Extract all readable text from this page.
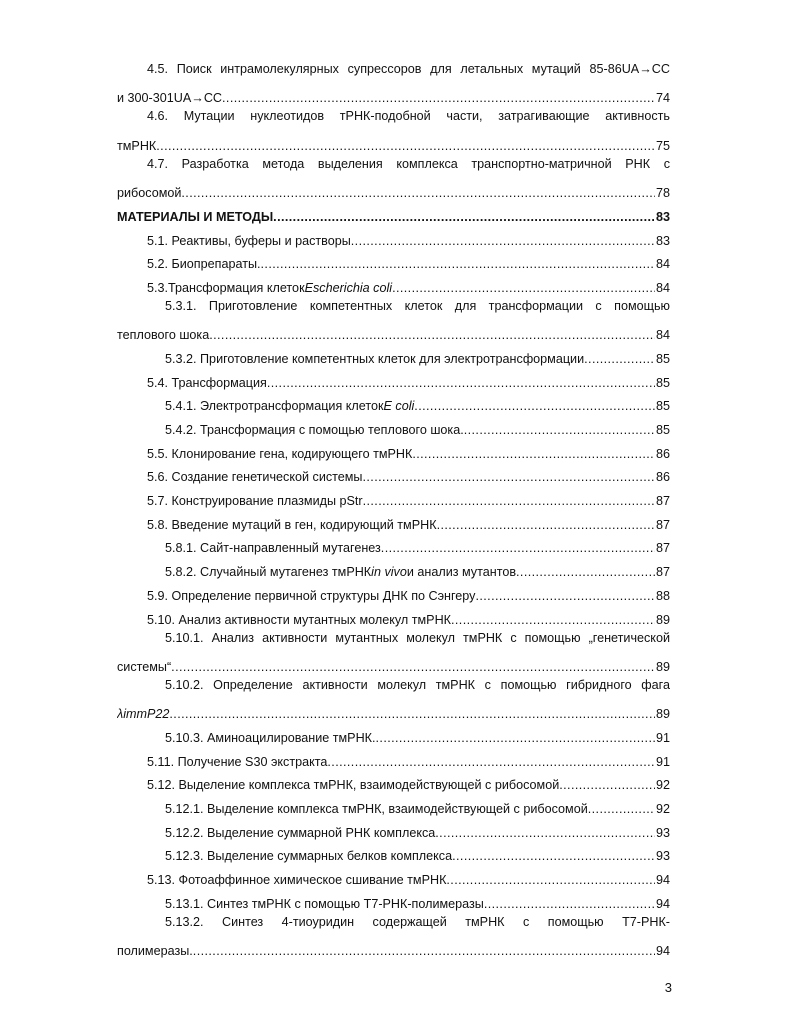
4.5. Поиск интрамолекулярных супрессоров для летальных мутаций 85-86UA→CC
и 300-301UA→CC .....	74
4.6. Мутации нуклеотидов тРНК-подобной части, затрагивающие активность
тмРНК .....	75
4.7. Разработка метода выделения комплекса транспортно-матричной РНК с
рибосомой .....	78
МАТЕРИАЛЫ И МЕТОДЫ .....	83
5.1. Реактивы, буферы и растворы .....	83
5.2. Биопрепараты. .....	84
5.3.Трансформация клеток Escherichia coli .....	84
5.3.1. Приготовление компетентных клеток для трансформации с помощью
теплового шока .....	84
5.3.2. Приготовление компетентных клеток для электротрансформации .....	85
5.4. Трансформация .....	85
5.4.1. Электротрансформация клеток E coli .....	85
5.4.2. Трансформация с помощью теплового шока. .....	85
5.5. Клонирование гена, кодирующего тмРНК .....	86
5.6. Создание генетической системы .....	86
5.7. Конструирование плазмиды pStr .....	87
5.8. Введение мутаций в ген, кодирующий тмРНК .....	87
5.8.1. Сайт-направленный мутагенез .....	87
5.8.2. Случайный мутагенез тмРНК in vivo и анализ мутантов .....	87
5.9. Определение первичной структуры ДНК по Сэнгеру .....	88
5.10. Анализ активности мутантных молекул тмРНК .....	89
5.10.1. Анализ активности мутантных молекул тмРНК с помощью „генетической
системы“ .....	89
5.10.2. Определение активности молекул тмРНК с помощью гибридного фага
λimmP22 .....	89
5.10.3. Аминоацилирование тмРНК. .....	91
5.11. Получение S30 экстракта .....	91
5.12. Выделение комплекса тмРНК, взаимодействующей с рибосомой .....	92
5.12.1. Выделение комплекса тмРНК, взаимодействующей с рибосомой .....	92
5.12.2. Выделение суммарной РНК комплекса .....	93
5.12.3. Выделение суммарных белков комплекса .....	93
5.13. Фотоаффинное химическое сшивание тмРНК .....	94
5.13.1. Синтез тмРНК с помощью Т7-РНК-полимеразы .....	94
5.13.2. Синтез 4-тиоуридин содержащей тмРНК с помощью Т7-РНК-
полимеразы. .....	94
3
